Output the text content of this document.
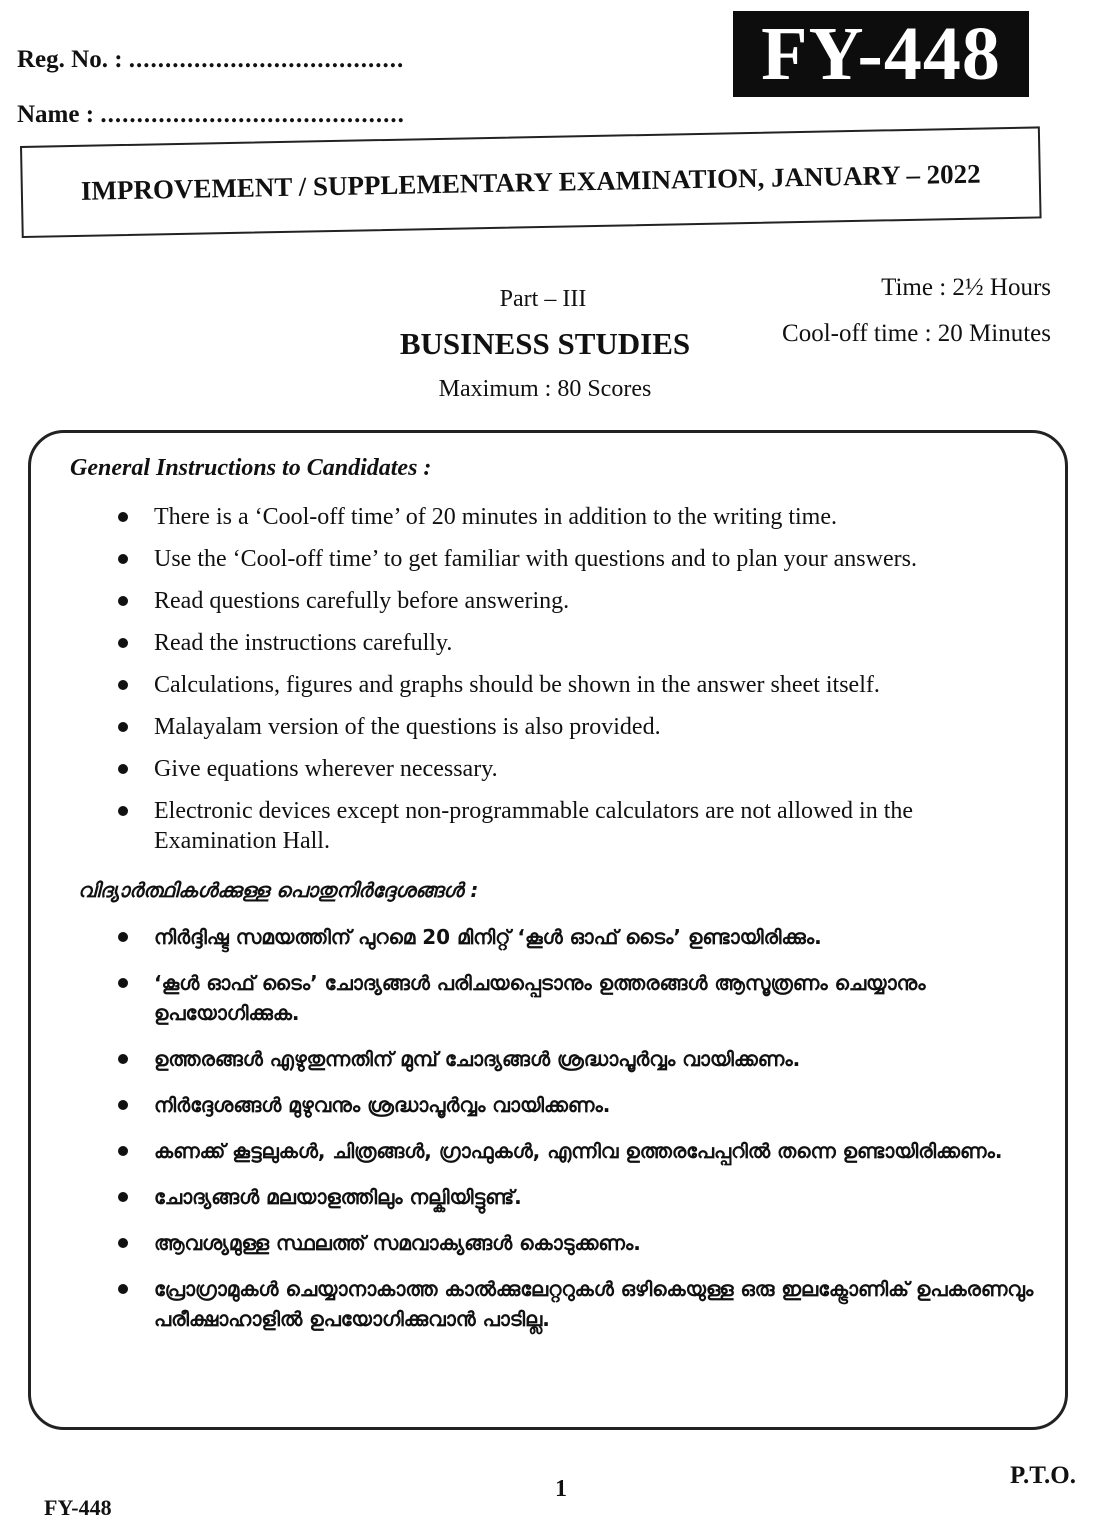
Reg. No. : ......................................
Name : ..........................................
FY-448
IMPROVEMENT / SUPPLEMENTARY EXAMINATION, JANUARY – 2022
Part – III
BUSINESS STUDIES
Maximum : 80 Scores
Time : 2½ Hours
Cool-off time : 20 Minutes
General Instructions to Candidates :
There is a ‘Cool-off time’ of 20 minutes in addition to the writing time.
Use the ‘Cool-off time’ to get familiar with questions and to plan your answers.
Read questions carefully before answering.
Read the instructions carefully.
Calculations, figures and graphs should be shown in the answer sheet itself.
Malayalam version of the questions is also provided.
Give equations wherever necessary.
Electronic devices except non-programmable calculators are not allowed in the Examination Hall.
വിദ്യാർത്ഥികൾക്കുള്ള പൊതുനിർദ്ദേശങ്ങൾ :
നിർദ്ദിഷ്ട സമയത്തിന് പുറമെ 20 മിനിറ്റ് ‘കൂൾ ഓഫ് ടൈം’ ഉണ്ടായിരിക്കും.
‘കൂൾ ഓഫ് ടൈം’ ചോദ്യങ്ങൾ പരിചയപ്പെടാനും ഉത്തരങ്ങൾ ആസൂത്രണം ചെയ്യാനും ഉപയോഗിക്കുക.
ഉത്തരങ്ങൾ എഴുതുന്നതിന് മുമ്പ് ചോദ്യങ്ങൾ ശ്രദ്ധാപൂർവ്വം വായിക്കണം.
നിർദ്ദേശങ്ങൾ മുഴുവനും ശ്രദ്ധാപൂർവ്വം വായിക്കണം.
കണക്ക് കൂട്ടലുകൾ, ചിത്രങ്ങൾ, ഗ്രാഫുകൾ, എന്നിവ ഉത്തരപേപ്പറിൽ തന്നെ ഉണ്ടായിരിക്കണം.
ചോദ്യങ്ങൾ മലയാളത്തിലും നല്കിയിട്ടുണ്ട്.
ആവശ്യമുള്ള സ്ഥലത്ത് സമവാക്യങ്ങൾ കൊടുക്കണം.
പ്രോഗ്രാമുകൾ ചെയ്യാനാകാത്ത കാൽക്കുലേറ്ററുകൾ ഒഴികെയുള്ള ഒരു ഇലക്ട്രോണിക് ഉപകരണവും പരീക്ഷാഹാളിൽ ഉപയോഗിക്കുവാൻ പാടില്ല.
FY-448
1	P.T.O.
